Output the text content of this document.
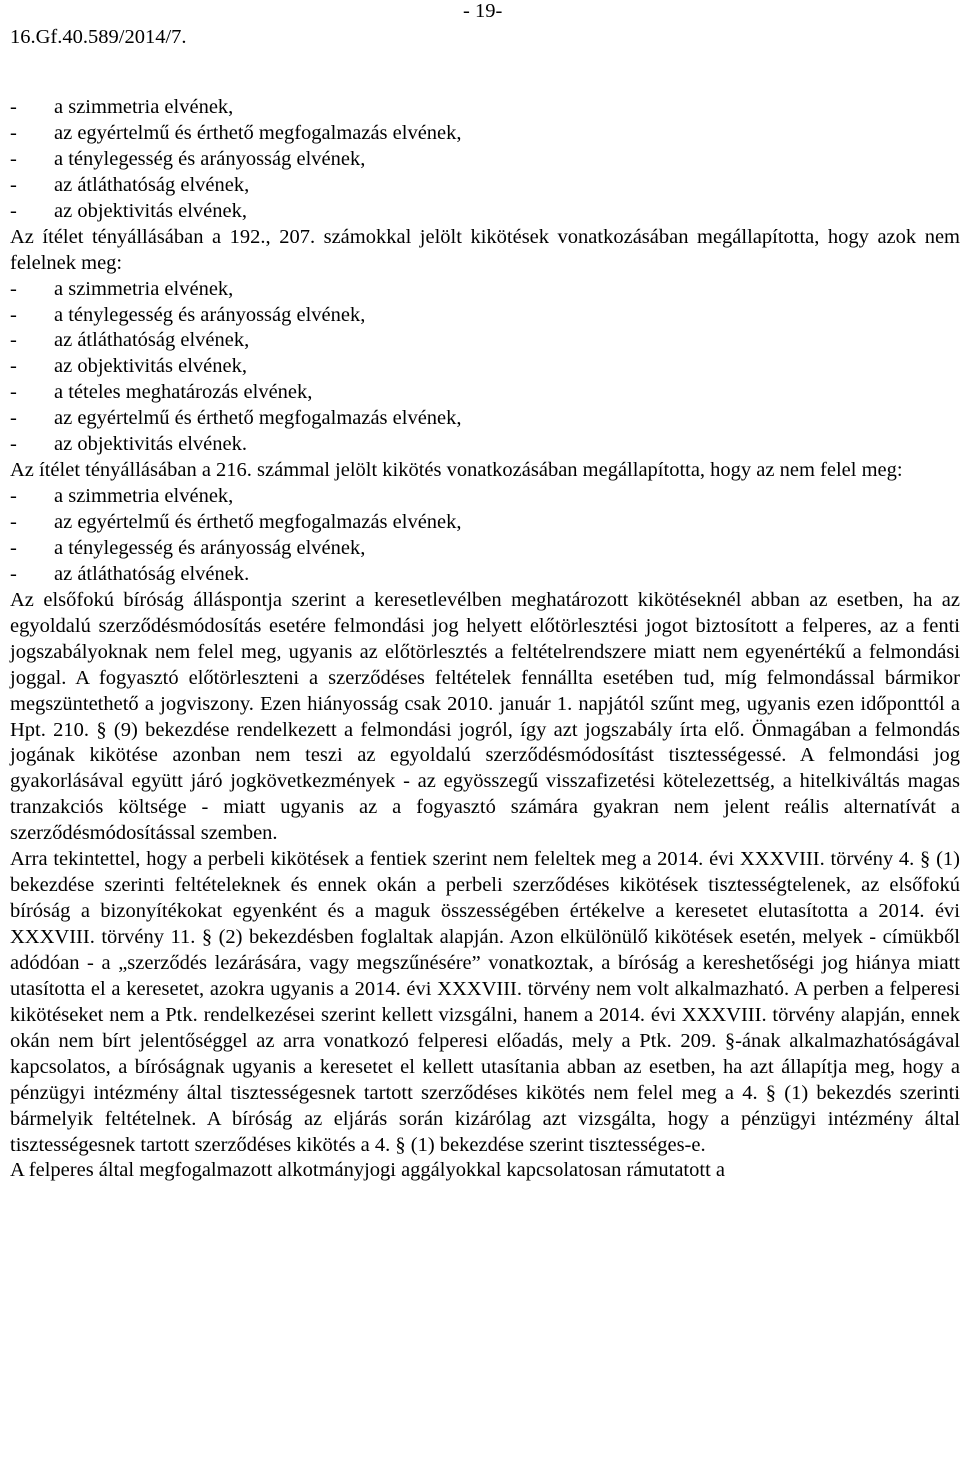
- 19-
16.Gf.40.589/2014/7.
- a szimmetria elvének,
- az egyértelmű és érthető megfogalmazás elvének,
- a ténylegesség és arányosság elvének,
- az átláthatóság elvének,
- az objektivitás elvének,
Az ítélet tényállásában a 192., 207. számokkal jelölt kikötések vonatkozásában megállapította, hogy azok nem felelnek meg:
- a szimmetria elvének,
- a ténylegesség és arányosság elvének,
- az átláthatóság elvének,
- az objektivitás elvének,
- a tételes meghatározás elvének,
- az egyértelmű és érthető megfogalmazás elvének,
- az objektivitás elvének.
Az ítélet tényállásában a 216. számmal jelölt kikötés vonatkozásában megállapította, hogy az nem felel meg:
- a szimmetria elvének,
- az egyértelmű és érthető megfogalmazás elvének,
- a ténylegesség és arányosság elvének,
- az átláthatóság elvének.
Az elsőfokú bíróság álláspontja szerint a keresetlevélben meghatározott kikötéseknél abban az esetben, ha az egyoldalú szerződésmódosítás esetére felmondási jog helyett előtörlesztési jogot biztosított a felperes, az a fenti jogszabályoknak nem felel meg, ugyanis az előtörlesztés a feltételrendszere miatt nem egyenértékű a felmondási joggal. A fogyasztó előtörleszteni a szerződéses feltételek fennállta esetében tud, míg felmondással bármikor megszüntethető a jogviszony. Ezen hiányosság csak 2010. január 1. napjától szűnt meg, ugyanis ezen időponttól a Hpt. 210. § (9) bekezdése rendelkezett a felmondási jogról, így azt jogszabály írta elő. Önmagában a felmondás jogának kikötése azonban nem teszi az egyoldalú szerződésmódosítást tisztességessé. A felmondási jog gyakorlásával együtt járó jogkövetkezmények - az egyösszegű visszafizetési kötelezettség, a hitelkiváltás magas tranzakciós költsége - miatt ugyanis az a fogyasztó számára gyakran nem jelent reális alternatívát a szerződésmódosítással szemben.
Arra tekintettel, hogy a perbeli kikötések a fentiek szerint nem feleltek meg a 2014. évi XXXVIII. törvény 4. § (1) bekezdése szerinti feltételeknek és ennek okán a perbeli szerződéses kikötések tisztességtelenek, az elsőfokú bíróság a bizonyítékokat egyenként és a maguk összességében értékelve a keresetet elutasította a 2014. évi XXXVIII. törvény 11. § (2) bekezdésben foglaltak alapján. Azon elkülönülő kikötések esetén, melyek - címükből adódóan - a „szerződés lezárására, vagy megszűnésére” vonatkoztak, a bíróság a kereshetőségi jog hiánya miatt utasította el a keresetet, azokra ugyanis a 2014. évi XXXVIII. törvény nem volt alkalmazható. A perben a felperesi kikötéseket nem a Ptk. rendelkezései szerint kellett vizsgálni, hanem a 2014. évi XXXVIII. törvény alapján, ennek okán nem bírt jelentőséggel az arra vonatkozó felperesi előadás, mely a Ptk. 209. §-ának alkalmazhatóságával kapcsolatos, a bíróságnak ugyanis a keresetet el kellett utasítania abban az esetben, ha azt állapítja meg, hogy a pénzügyi intézmény által tisztességesnek tartott szerződéses kikötés nem felel meg a 4. § (1) bekezdés szerinti bármelyik feltételnek. A bíróság az eljárás során kizárólag azt vizsgálta, hogy a pénzügyi intézmény által tisztességesnek tartott szerződéses kikötés a 4. § (1) bekezdése szerint tisztességes-e.
A felperes által megfogalmazott alkotmányjogi aggályokkal kapcsolatosan rámutatott a
